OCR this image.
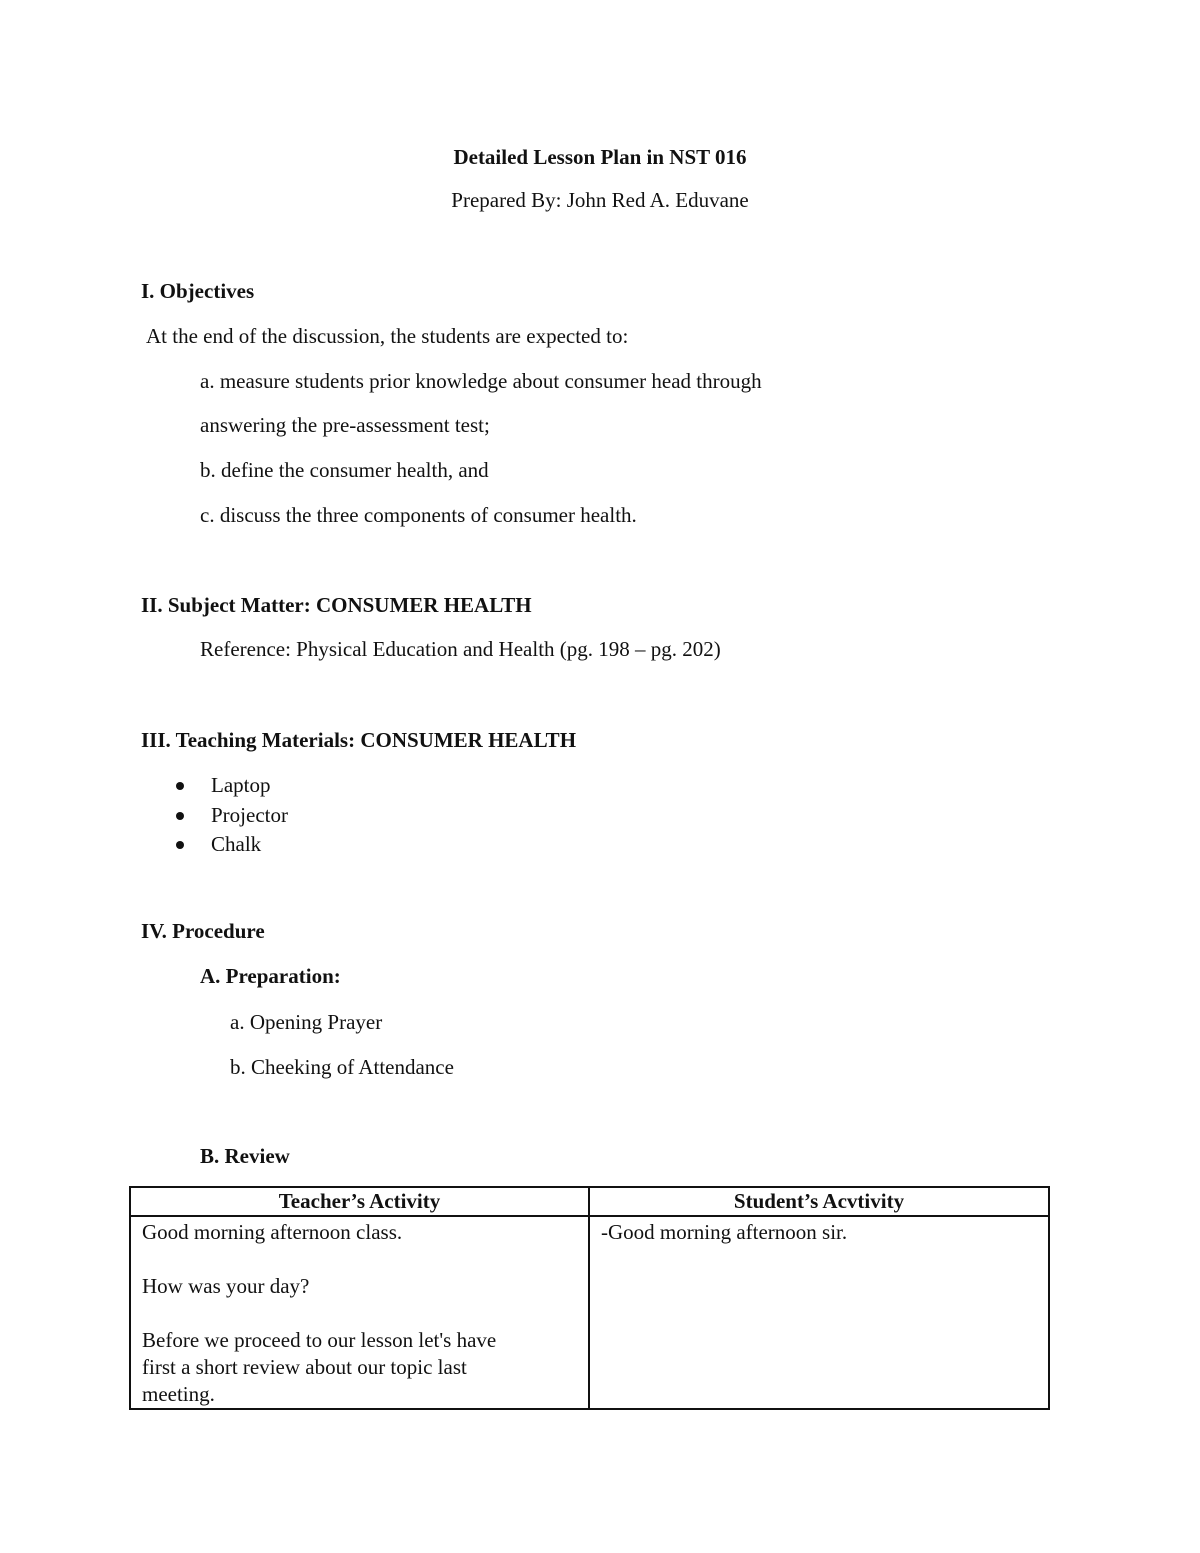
Detailed Lesson Plan in NST 016
Prepared By: John Red A. Eduvane
I. Objectives
At the end of the discussion, the students are expected to:
a. measure students prior knowledge about consumer head through
answering the pre-assessment test;
b. define the consumer health, and
c. discuss the three components of consumer health.
II. Subject Matter: CONSUMER HEALTH
Reference: Physical Education and Health (pg. 198 – pg. 202)
III. Teaching Materials: CONSUMER HEALTH
Laptop
Projector
Chalk
IV. Procedure
A. Preparation:
a. Opening Prayer
b. Cheeking of Attendance
B. Review
Teacher’s Activity	Student’s Acvtivity

Good morning afternoon class.
How was your day?
Before we proceed to our lesson let's have
first a short review about our topic last
meeting.	-Good morning afternoon sir.
